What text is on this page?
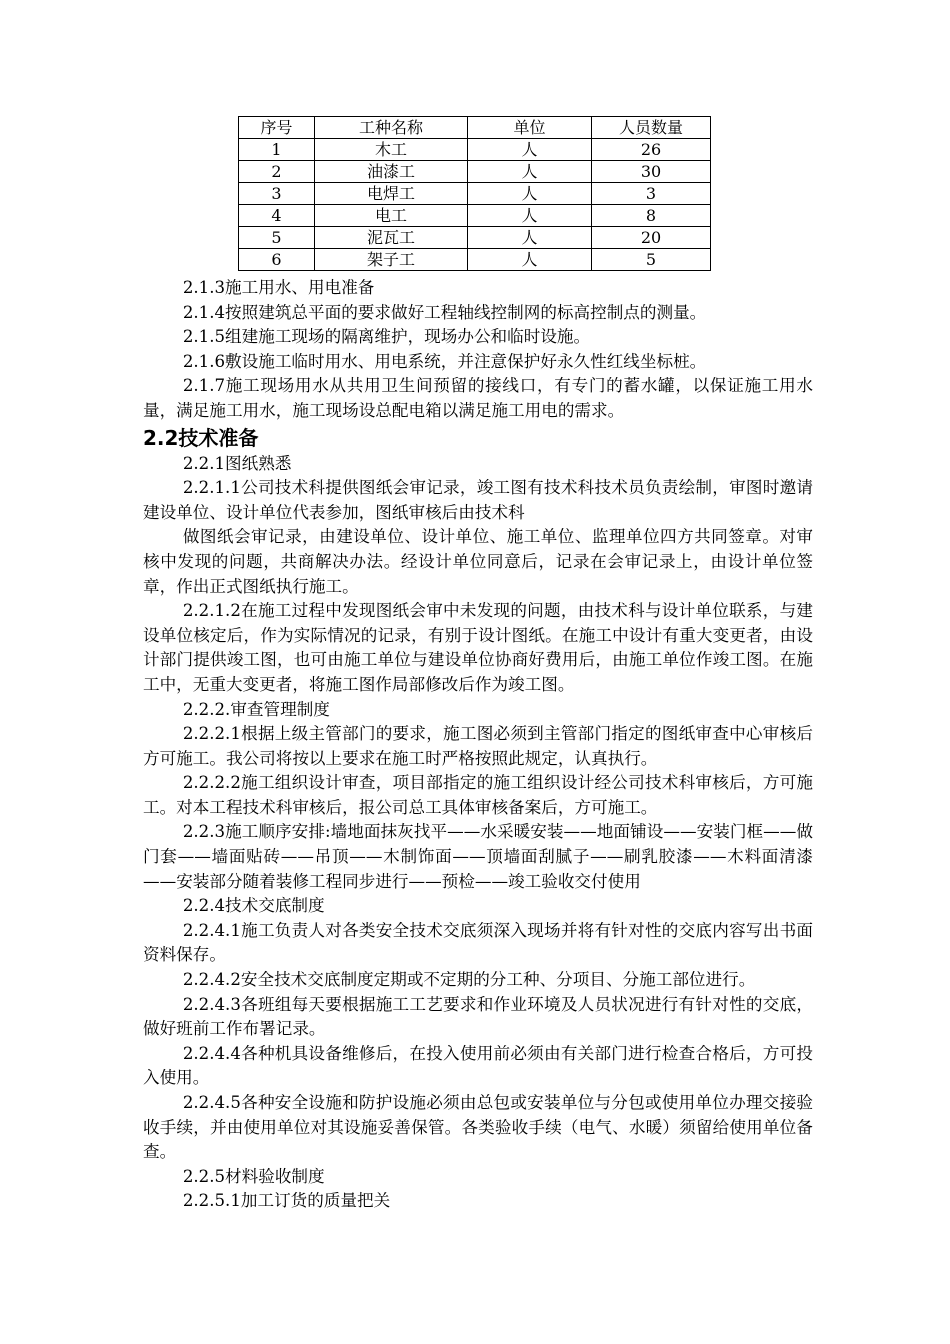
序号	工种名称	单位	人员数量
1	木工	人	26
2	油漆工	人	30
3	电焊工	人	3
4	电工	人	8
5	泥瓦工	人	20
6	架子工	人	5

2.1.3施工用水、用电准备

2.1.4按照建筑总平面的要求做好工程轴线控制网的标高控制点的测量。

2.1.5组建施工现场的隔离维护，现场办公和临时设施。

2.1.6敷设施工临时用水、用电系统，并注意保护好永久性红线坐标桩。

2.1.7施工现场用水从共用卫生间预留的接线口，有专门的蓄水罐，以保证施工用水量，满足施工用水，施工现场设总配电箱以满足施工用电的需求。

2.2技术准备

2.2.1图纸熟悉

2.2.1.1公司技术科提供图纸会审记录，竣工图有技术科技术员负责绘制，审图时邀请建设单位、设计单位代表参加，图纸审核后由技术科

做图纸会审记录，由建设单位、设计单位、施工单位、监理单位四方共同签章。对审核中发现的问题，共商解决办法。经设计单位同意后，记录在会审记录上，由设计单位签章，作出正式图纸执行施工。

2.2.1.2在施工过程中发现图纸会审中未发现的问题，由技术科与设计单位联系，与建设单位核定后，作为实际情况的记录，有别于设计图纸。在施工中设计有重大变更者，由设计部门提供竣工图，也可由施工单位与建设单位协商好费用后，由施工单位作竣工图。在施工中，无重大变更者，将施工图作局部修改后作为竣工图。

2.2.2.审查管理制度

2.2.2.1根据上级主管部门的要求，施工图必须到主管部门指定的图纸审查中心审核后方可施工。我公司将按以上要求在施工时严格按照此规定，认真执行。

2.2.2.2施工组织设计审查，项目部指定的施工组织设计经公司技术科审核后，方可施工。对本工程技术科审核后，报公司总工具体审核备案后，方可施工。

2.2.3施工顺序安排:墙地面抹灰找平——水采暖安装——地面铺设——安装门框——做门套——墙面贴砖——吊顶——木制饰面——顶墙面刮腻子——刷乳胶漆——木料面清漆——安装部分随着装修工程同步进行——预检——竣工验收交付使用

2.2.4技术交底制度

2.2.4.1施工负责人对各类安全技术交底须深入现场并将有针对性的交底内容写出书面资料保存。

2.2.4.2安全技术交底制度定期或不定期的分工种、分项目、分施工部位进行。

2.2.4.3各班组每天要根据施工工艺要求和作业环境及人员状况进行有针对性的交底，做好班前工作布署记录。

2.2.4.4各种机具设备维修后，在投入使用前必须由有关部门进行检查合格后，方可投入使用。

2.2.4.5各种安全设施和防护设施必须由总包或安装单位与分包或使用单位办理交接验收手续，并由使用单位对其设施妥善保管。各类验收手续（电气、水暖）须留给使用单位备查。

2.2.5材料验收制度

2.2.5.1加工订货的质量把关
